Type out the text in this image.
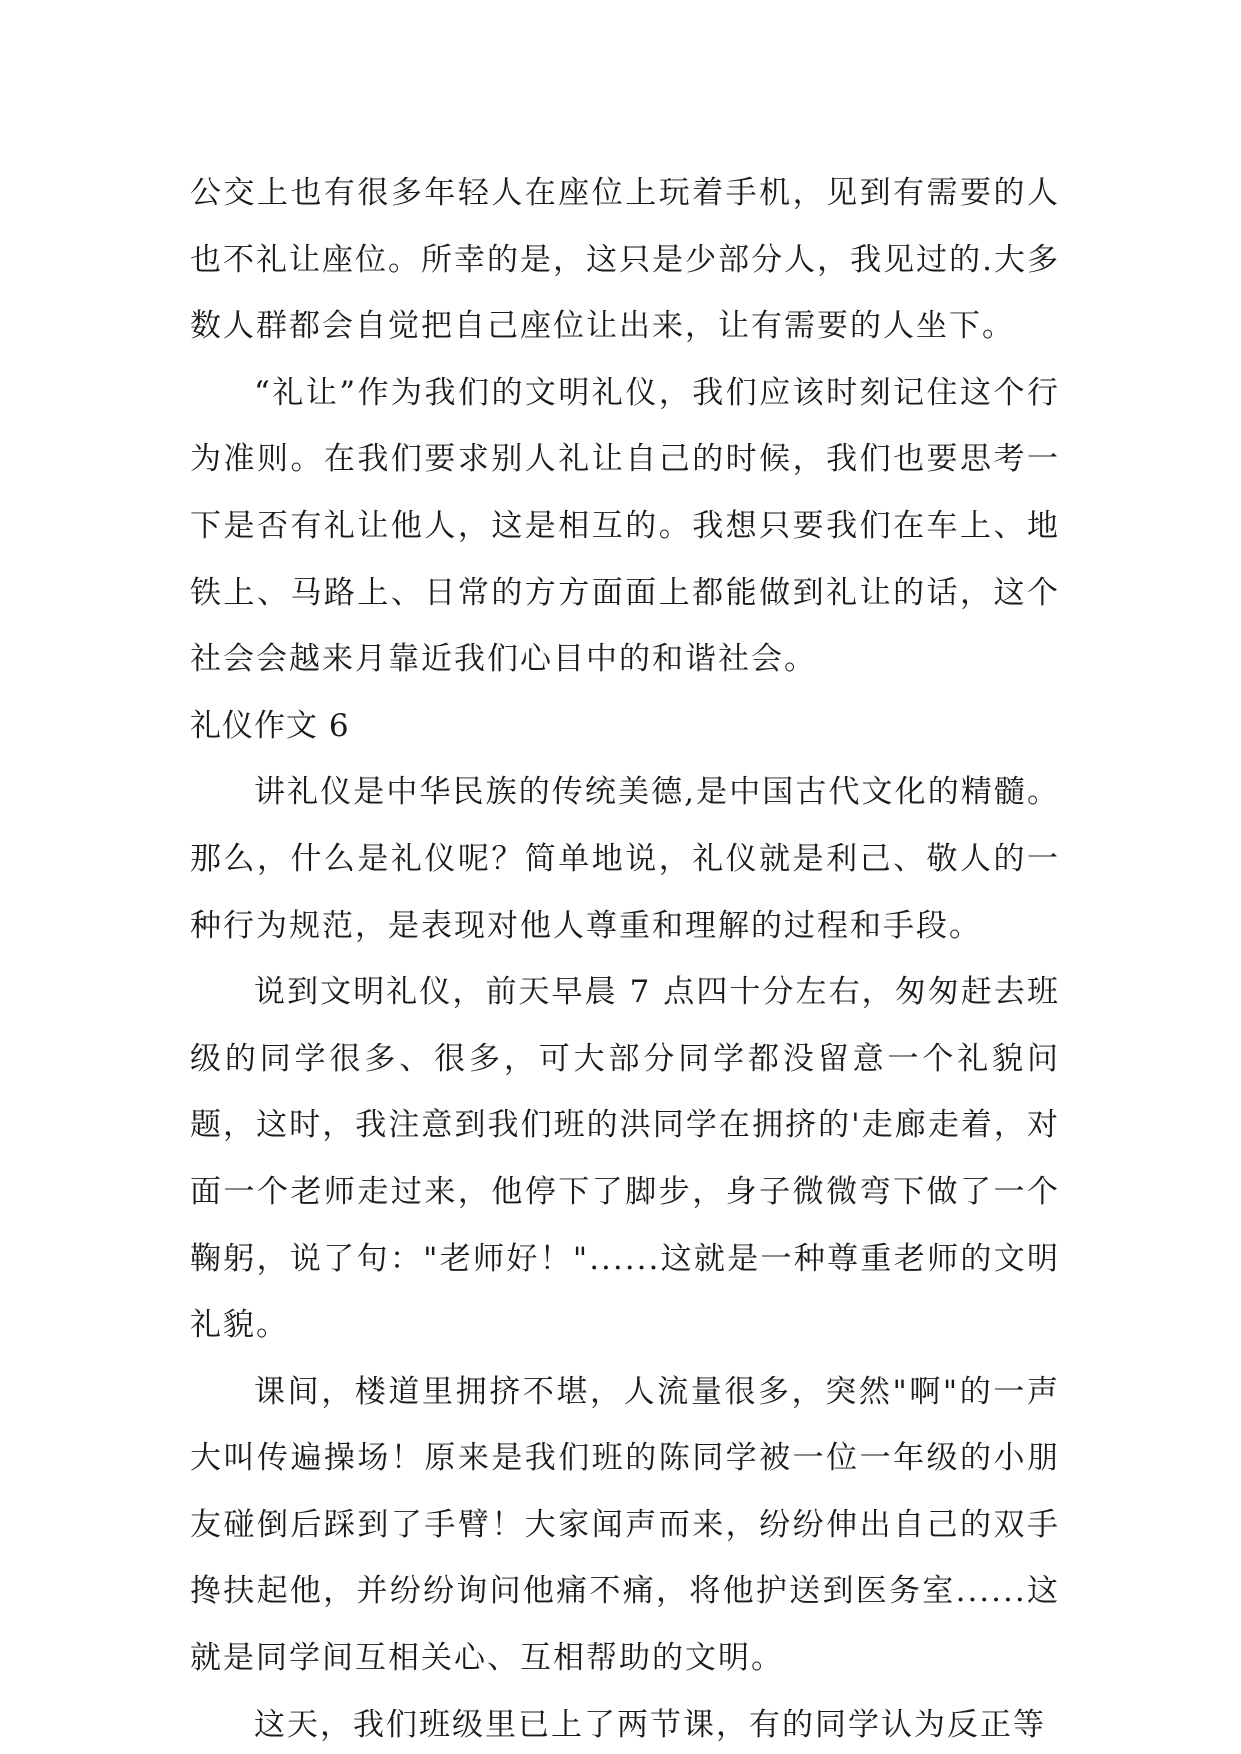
公交上也有很多年轻人在座位上玩着手机，见到有需要的人也不礼让座位。所幸的是，这只是少部分人，我见过的.大多数人群都会自觉把自己座位让出来，让有需要的人坐下。

“礼让”作为我们的文明礼仪，我们应该时刻记住这个行为准则。在我们要求别人礼让自己的时候，我们也要思考一下是否有礼让他人，这是相互的。我想只要我们在车上、地铁上、马路上、日常的方方面面上都能做到礼让的话，这个社会会越来月靠近我们心目中的和谐社会。

礼仪作文 6

讲礼仪是中华民族的传统美德,是中国古代文化的精髓。那么，什么是礼仪呢？简单地说，礼仪就是利己、敬人的一种行为规范，是表现对他人尊重和理解的过程和手段。

说到文明礼仪，前天早晨 7 点四十分左右，匆匆赶去班级的同学很多、很多，可大部分同学都没留意一个礼貌问题，这时，我注意到我们班的洪同学在拥挤的'走廊走着，对面一个老师走过来，他停下了脚步，身子微微弯下做了一个鞠躬，说了句："老师好！"......这就是一种尊重老师的文明礼貌。

课间，楼道里拥挤不堪，人流量很多，突然"啊"的一声大叫传遍操场！原来是我们班的陈同学被一位一年级的小朋友碰倒后踩到了手臂！大家闻声而来，纷纷伸出自己的双手搀扶起他，并纷纷询问他痛不痛，将他护送到医务室......这就是同学间互相关心、互相帮助的文明。

这天，我们班级里已上了两节课，有的同学认为反正等
